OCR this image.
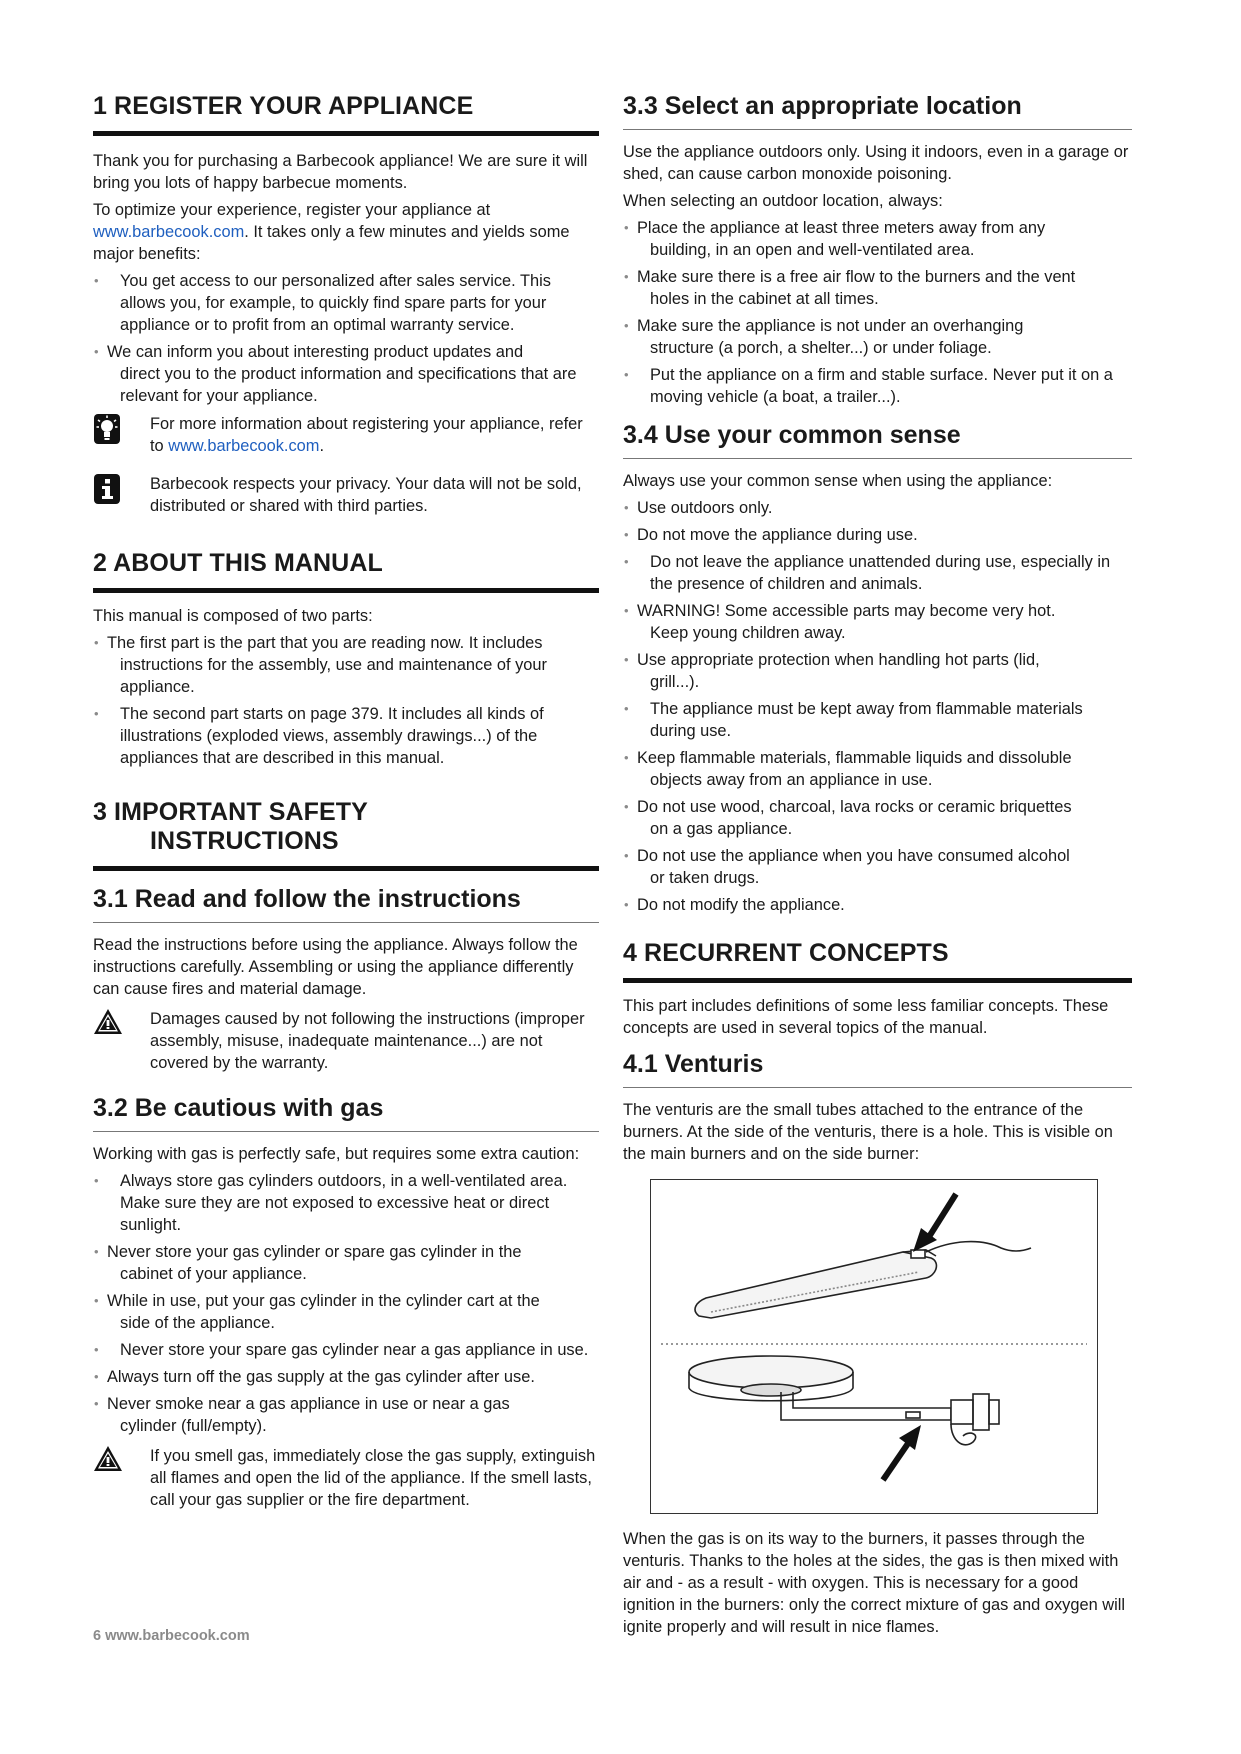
1 REGISTER YOUR APPLIANCE

Thank you for purchasing a Barbecook appliance! We are sure it will bring you lots of happy barbecue moments.

To optimize your experience, register your appliance at www.barbecook.com. It takes only a few minutes and yields some major benefits:

• You get access to our personalized after sales service. This allows you, for example, to quickly find spare parts for your appliance or to profit from an optimal warranty service.
• We can inform you about interesting product updates and
direct you to the product information and specifications that are relevant for your appliance.

For more information about registering your appliance, refer to www.barbecook.com.

Barbecook respects your privacy. Your data will not be sold, distributed or shared with third parties.

2 ABOUT THIS MANUAL

This manual is composed of two parts:

• The first part is the part that you are reading now. It includes
instructions for the assembly, use and maintenance of your appliance.
• The second part starts on page 379. It includes all kinds of illustrations (exploded views, assembly drawings...) of the appliances that are described in this manual.
3 IMPORTANT SAFETY
INSTRUCTIONS
3.1 Read and follow the instructions

Read the instructions before using the appliance. Always follow the instructions carefully. Assembling or using the appliance differently can cause fires and material damage.

Damages caused by not following the instructions (improper assembly, misuse, inadequate maintenance...) are not covered by the warranty.

3.2 Be cautious with gas

Working with gas is perfectly safe, but requires some extra caution:

• Always store gas cylinders outdoors, in a well-ventilated area. Make sure they are not exposed to excessive heat or direct sunlight.
• Never store your gas cylinder or spare gas cylinder in the
cabinet of your appliance.
• While in use, put your gas cylinder in the cylinder cart at the
side of the appliance.
• Never store your spare gas cylinder near a gas appliance in use.
• Always turn off the gas supply at the gas cylinder after use.
• Never smoke near a gas appliance in use or near a gas
cylinder (full/empty).

If you smell gas, immediately close the gas supply, extinguish all flames and open the lid of the appliance. If the smell lasts, call your gas supplier or the fire department.

3.3 Select an appropriate location

Use the appliance outdoors only. Using it indoors, even in a garage or shed, can cause carbon monoxide poisoning.

When selecting an outdoor location, always:

• Place the appliance at least three meters away from any
building, in an open and well-ventilated area.
• Make sure there is a free air flow to the burners and the vent
holes in the cabinet at all times.
• Make sure the appliance is not under an overhanging
structure (a porch, a shelter...) or under foliage.
• Put the appliance on a firm and stable surface. Never put it on a moving vehicle (a boat, a trailer...).
3.4 Use your common sense

Always use your common sense when using the appliance:

• Use outdoors only.
• Do not move the appliance during use.
• Do not leave the appliance unattended during use, especially in the presence of children and animals.
• WARNING! Some accessible parts may become very hot.
Keep young children away.
• Use appropriate protection when handling hot parts (lid,
grill...).
• The appliance must be kept away from flammable materials during use.
• Keep flammable materials, flammable liquids and dissoluble
objects away from an appliance in use.
• Do not use wood, charcoal, lava rocks or ceramic briquettes
on a gas appliance.
• Do not use the appliance when you have consumed alcohol
or taken drugs.
• Do not modify the appliance.
4 RECURRENT CONCEPTS

This part includes definitions of some less familiar concepts. These concepts are used in several topics of the manual.

4.1 Venturis

The venturis are the small tubes attached to the entrance of the burners. At the side of the venturis, there is a hole. This is visible on the main burners and on the side burner:

When the gas is on its way to the burners, it passes through the venturis. Thanks to the holes at the sides, the gas is then mixed with air and - as a result - with oxygen. This is necessary for a good ignition in the burners: only the correct mixture of gas and oxygen will ignite properly and will result in nice flames.

6 www.barbecook.com
